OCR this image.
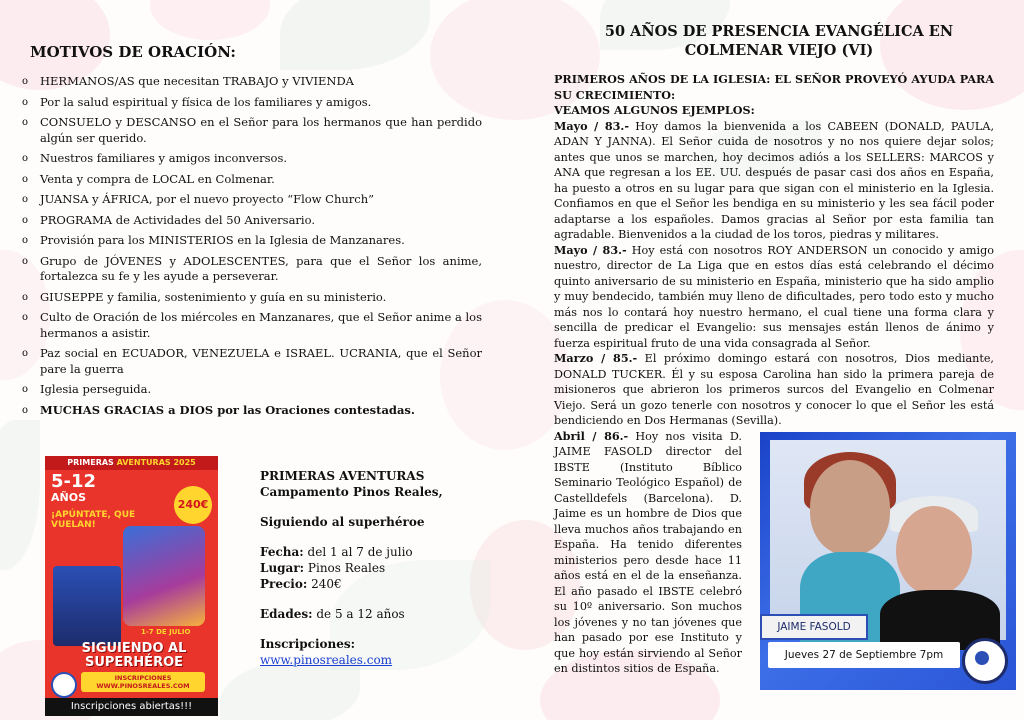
MOTIVOS DE ORACIÓN:
o HERMANOS/AS que necesitan TRABAJO y VIVIENDA
o Por la salud espiritual y física de los familiares y amigos.
o CONSUELO y DESCANSO en el Señor para los hermanos que han perdido algún ser querido.
o Nuestros familiares y amigos inconversos.
o Venta y compra de LOCAL en Colmenar.
o JUANSA y ÁFRICA, por el nuevo proyecto “Flow Church”
o PROGRAMA de Actividades del 50 Aniversario.
o Provisión para los MINISTERIOS en la Iglesia de Manzanares.
o Grupo de JÓVENES y ADOLESCENTES, para que el Señor los anime, fortalezca su fe y les ayude a perseverar.
o GIUSEPPE y familia, sostenimiento y guía en su ministerio.
o Culto de Oración de los miércoles en Manzanares, que el Señor anime a los hermanos a asistir.
o Paz social en ECUADOR, VENEZUELA e ISRAEL. UCRANIA, que el Señor pare la guerra
o Iglesia perseguida.
o MUCHAS GRACIAS a DIOS por las Oraciones contestadas.
PRIMERAS AVENTURAS 2025
5-12
AÑOS
¡APÚNTATE, QUE VUELAN!
240€
1-7 DE JULIO
SIGUIENDO AL SUPERHÉROE
INSCRIPCIONES WWW.PINOSREALES.COM
Inscripciones abiertas!!!

PRIMERAS AVENTURAS

Campamento Pinos Reales,

Siguiendo al superhéroe

Fecha: del 1 al 7 de julio

Lugar: Pinos Reales

Precio: 240€

Edades: de 5 a 12 años

Inscripciones:

www.pinosreales.com

50 AÑOS DE PRESENCIA EVANGÉLICA EN COLMENAR VIEJO (VI)

PRIMEROS AÑOS DE LA IGLESIA: EL SEÑOR PROVEYÓ AYUDA PARA SU CRECIMIENTO:

VEAMOS ALGUNOS EJEMPLOS:

Mayo / 83.- Hoy damos la bienvenida a los CABEEN (DONALD, PAULA, ADAN Y JANNA). El Señor cuida de nosotros y no nos quiere dejar solos; antes que unos se marchen, hoy decimos adiós a los SELLERS: MARCOS y ANA que regresan a los EE. UU. después de pasar casi dos años en España, ha puesto a otros en su lugar para que sigan con el ministerio en la Iglesia. Confiamos en que el Señor les bendiga en su ministerio y les sea fácil poder adaptarse a los españoles. Damos gracias al Señor por esta familia tan agradable. Bienvenidos a la ciudad de los toros, piedras y militares.

Mayo / 83.- Hoy está con nosotros ROY ANDERSON un conocido y amigo nuestro, director de La Liga que en estos días está celebrando el décimo quinto aniversario de su ministerio en España, ministerio que ha sido amplio y muy bendecido, también muy lleno de dificultades, pero todo esto y mucho más nos lo contará hoy nuestro hermano, el cual tiene una forma clara y sencilla de predicar el Evangelio: sus mensajes están llenos de ánimo y fuerza espiritual fruto de una vida consagrada al Señor.

Marzo / 85.- El próximo domingo estará con nosotros, Dios mediante, DONALD TUCKER. Él y su esposa Carolina han sido la primera pareja de misioneros que abrieron los primeros surcos del Evangelio en Colmenar Viejo. Será un gozo tenerle con nosotros y conocer lo que el Señor les está bendiciendo en Dos Hermanas (Sevilla).

Abril / 86.- Hoy nos visita D. JAIME FASOLD director del IBSTE (Instituto Bíblico Seminario Teológico Español) de Castelldefels (Barcelona). D. Jaime es un hombre de Dios que lleva muchos años trabajando en España. Ha tenido diferentes ministerios pero desde hace 11 años está en el de la enseñanza. El año pasado el IBSTE celebró su 10º aniversario. Son muchos los jóvenes y no tan jóvenes que han pasado por ese Instituto y que hoy están sirviendo al Señor en distintos sitios de España.

JAIME FASOLD
Jueves 27 de Septiembre 7pm
